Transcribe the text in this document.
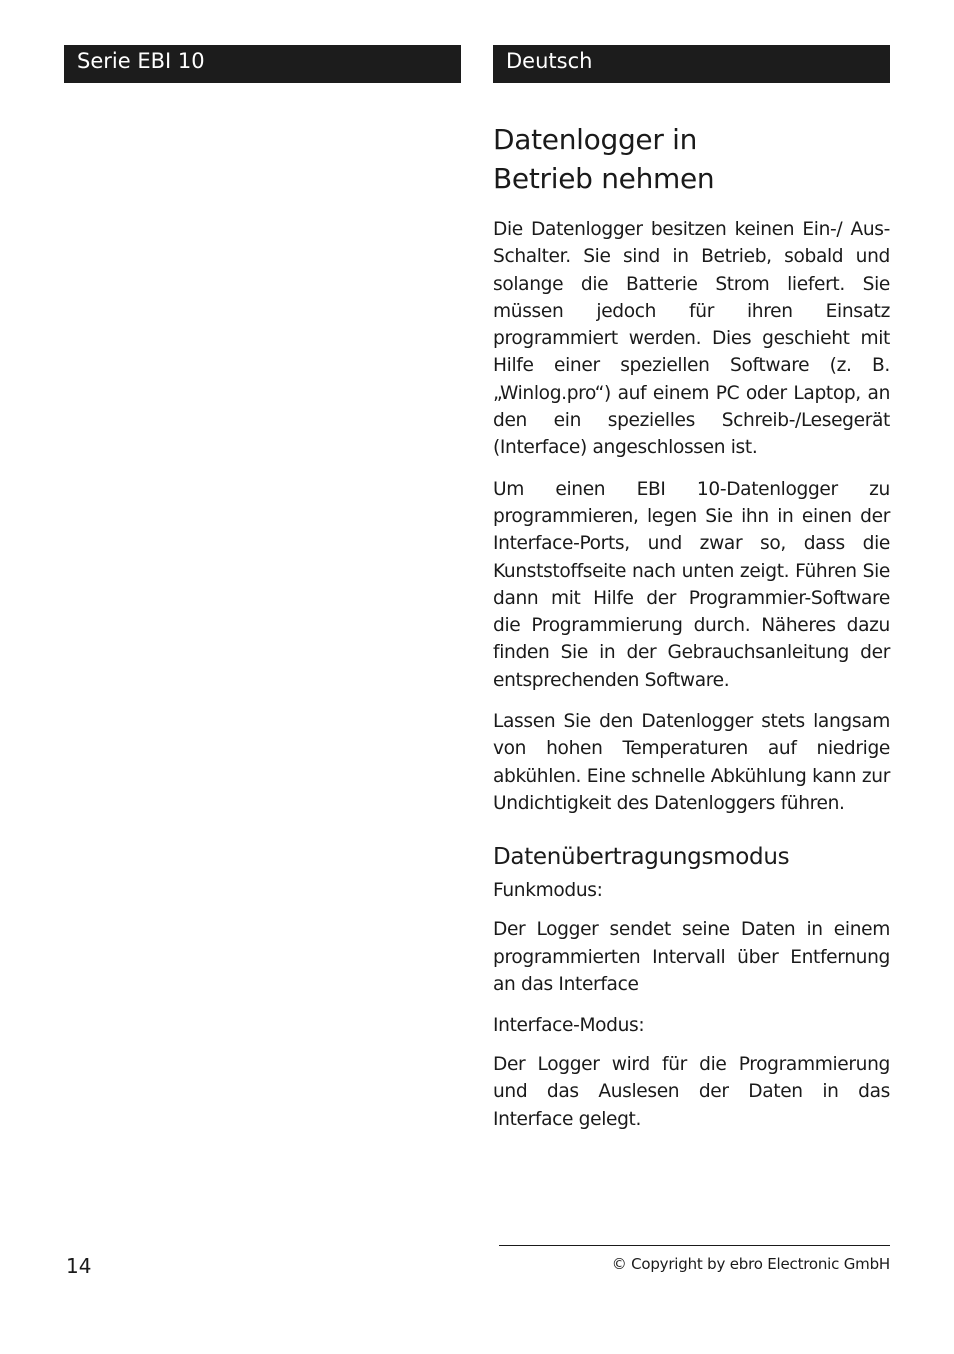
Serie EBI 10	Deutsch
Datenlogger in
Betrieb nehmen

Die Datenlogger besitzen keinen Ein-/ Aus-Schalter. Sie sind in Betrieb, sobald und solange die Batterie Strom liefert. Sie müssen jedoch für ihren Einsatz programmiert werden. Dies geschieht mit Hilfe einer speziellen Software (z. B. „Winlog.pro“) auf einem PC oder Laptop, an den ein spezielles Schreib-/Lesegerät (Interface) angeschlossen ist.

Um einen EBI 10-Datenlogger zu programmieren, legen Sie ihn in einen der Interface-Ports, und zwar so, dass die Kunststoffseite nach unten zeigt. Führen Sie dann mit Hilfe der Programmier-Software die Programmierung durch. Näheres dazu finden Sie in der Gebrauchsanleitung der entsprechenden Software.

Lassen Sie den Datenlogger stets langsam von hohen Temperaturen auf niedrige abkühlen. Eine schnelle Abkühlung kann zur Undichtigkeit des Datenloggers führen.

Datenübertragungsmodus

Funkmodus:

Der Logger sendet seine Daten in einem programmierten Intervall über Entfernung an das Interface

Interface-Modus:

Der Logger wird für die Programmierung und das Auslesen der Daten in das Interface gelegt.

14	© Copyright by ebro Electronic GmbH
